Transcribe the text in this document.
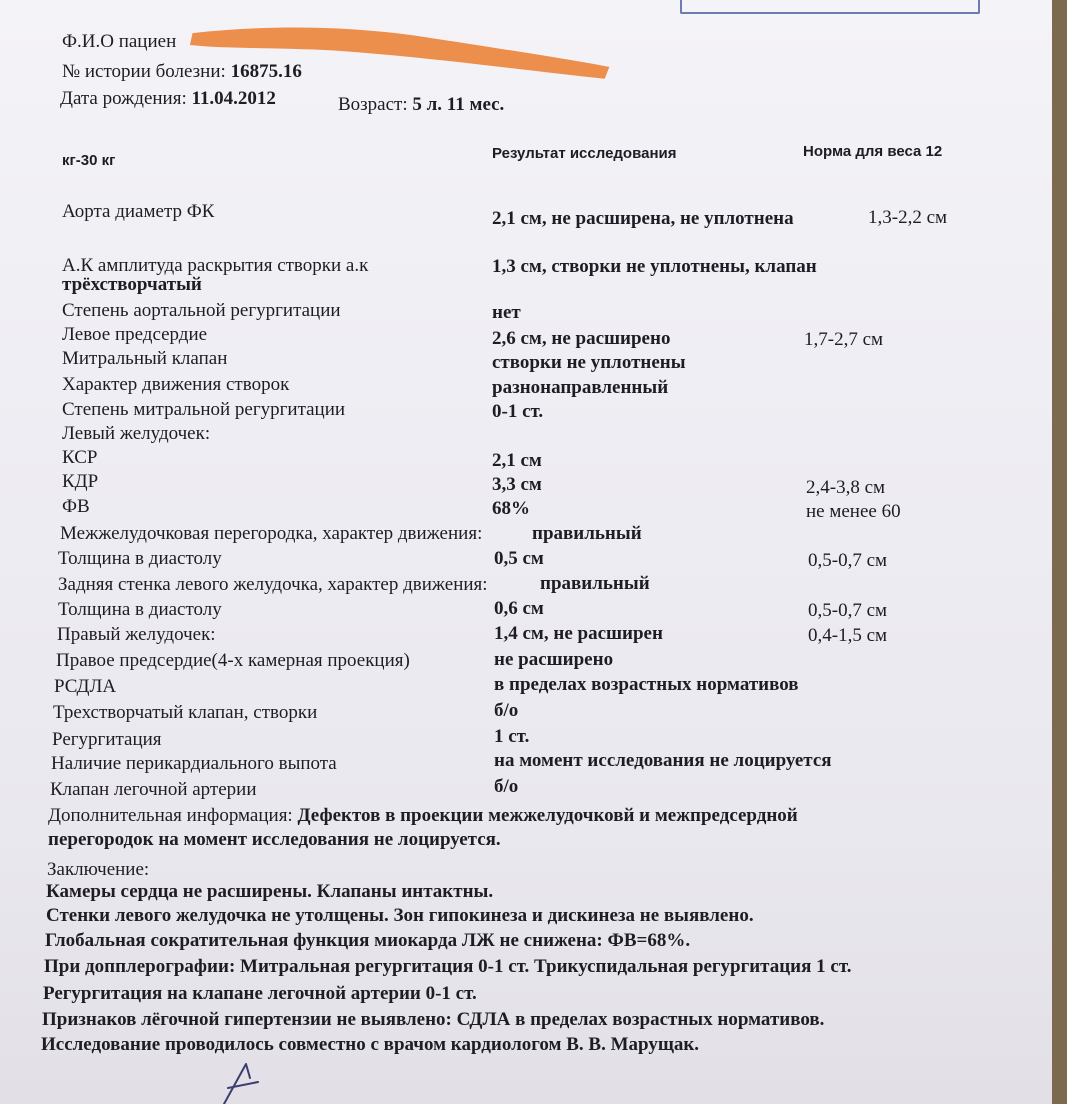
Ф.И.О пациен
№ истории болезни: 16875.16
Дата рождения: 11.04.2012	Возраст: 5 л. 11 мес.
кг-30 кг	Результат исследования	Норма для веса 12
Аорта диаметр ФК	2,1 см, не расширена, не уплотнена	1,3-2,2 см
А.К амплитуда раскрытия створки а.к	1,3 см, створки не уплотнены, клапан
трёхстворчатый
Степень аортальной регургитации	нет
Левое предсердие	2,6 см, не расширено	1,7-2,7 см
Митральный клапан	створки не уплотнены
Характер движения створок	разнонаправленный
Степень митральной регургитации	0-1 ст.
Левый желудочек:
КСР	2,1 см
КДР	3,3 см	2,4-3,8 см
ФВ	68%	не менее 60
Межжелудочковая перегородка, характер движения:	правильный
Толщина в диастолу	0,5 см	0,5-0,7 см
Задняя стенка левого желудочка, характер движения:	правильный
Толщина в диастолу	0,6 см	0,5-0,7 см
Правый желудочек:	1,4 см, не расширен	0,4-1,5 см
Правое предсердие(4-х камерная проекция)	не расширено
РСДЛА	в пределах возрастных нормативов
Трехстворчатый клапан, створки	б/о
Регургитация	1 ст.
Наличие перикардиального выпота	на момент исследования не лоцируется
Клапан легочной артерии	б/о
Дополнительная информация: Дефектов в проекции межжелудочковй и межпредсердной
перегородок на момент исследования не лоцируется.
Заключение:
Камеры сердца не расширены. Клапаны интактны.
Стенки левого желудочка не утолщены. Зон гипокинеза и дискинеза не выявлено.
Глобальная сократительная функция миокарда ЛЖ не снижена: ФВ=68%.
При допплерографии: Митральная регургитация 0-1 ст. Трикуспидальная регургитация 1 ст.
Регургитация на клапане легочной артерии 0-1 ст.
Признаков лёгочной гипертензии не выявлено: СДЛА в пределах возрастных нормативов.
Исследование проводилось совместно с врачом кардиологом В. В. Марущак.
